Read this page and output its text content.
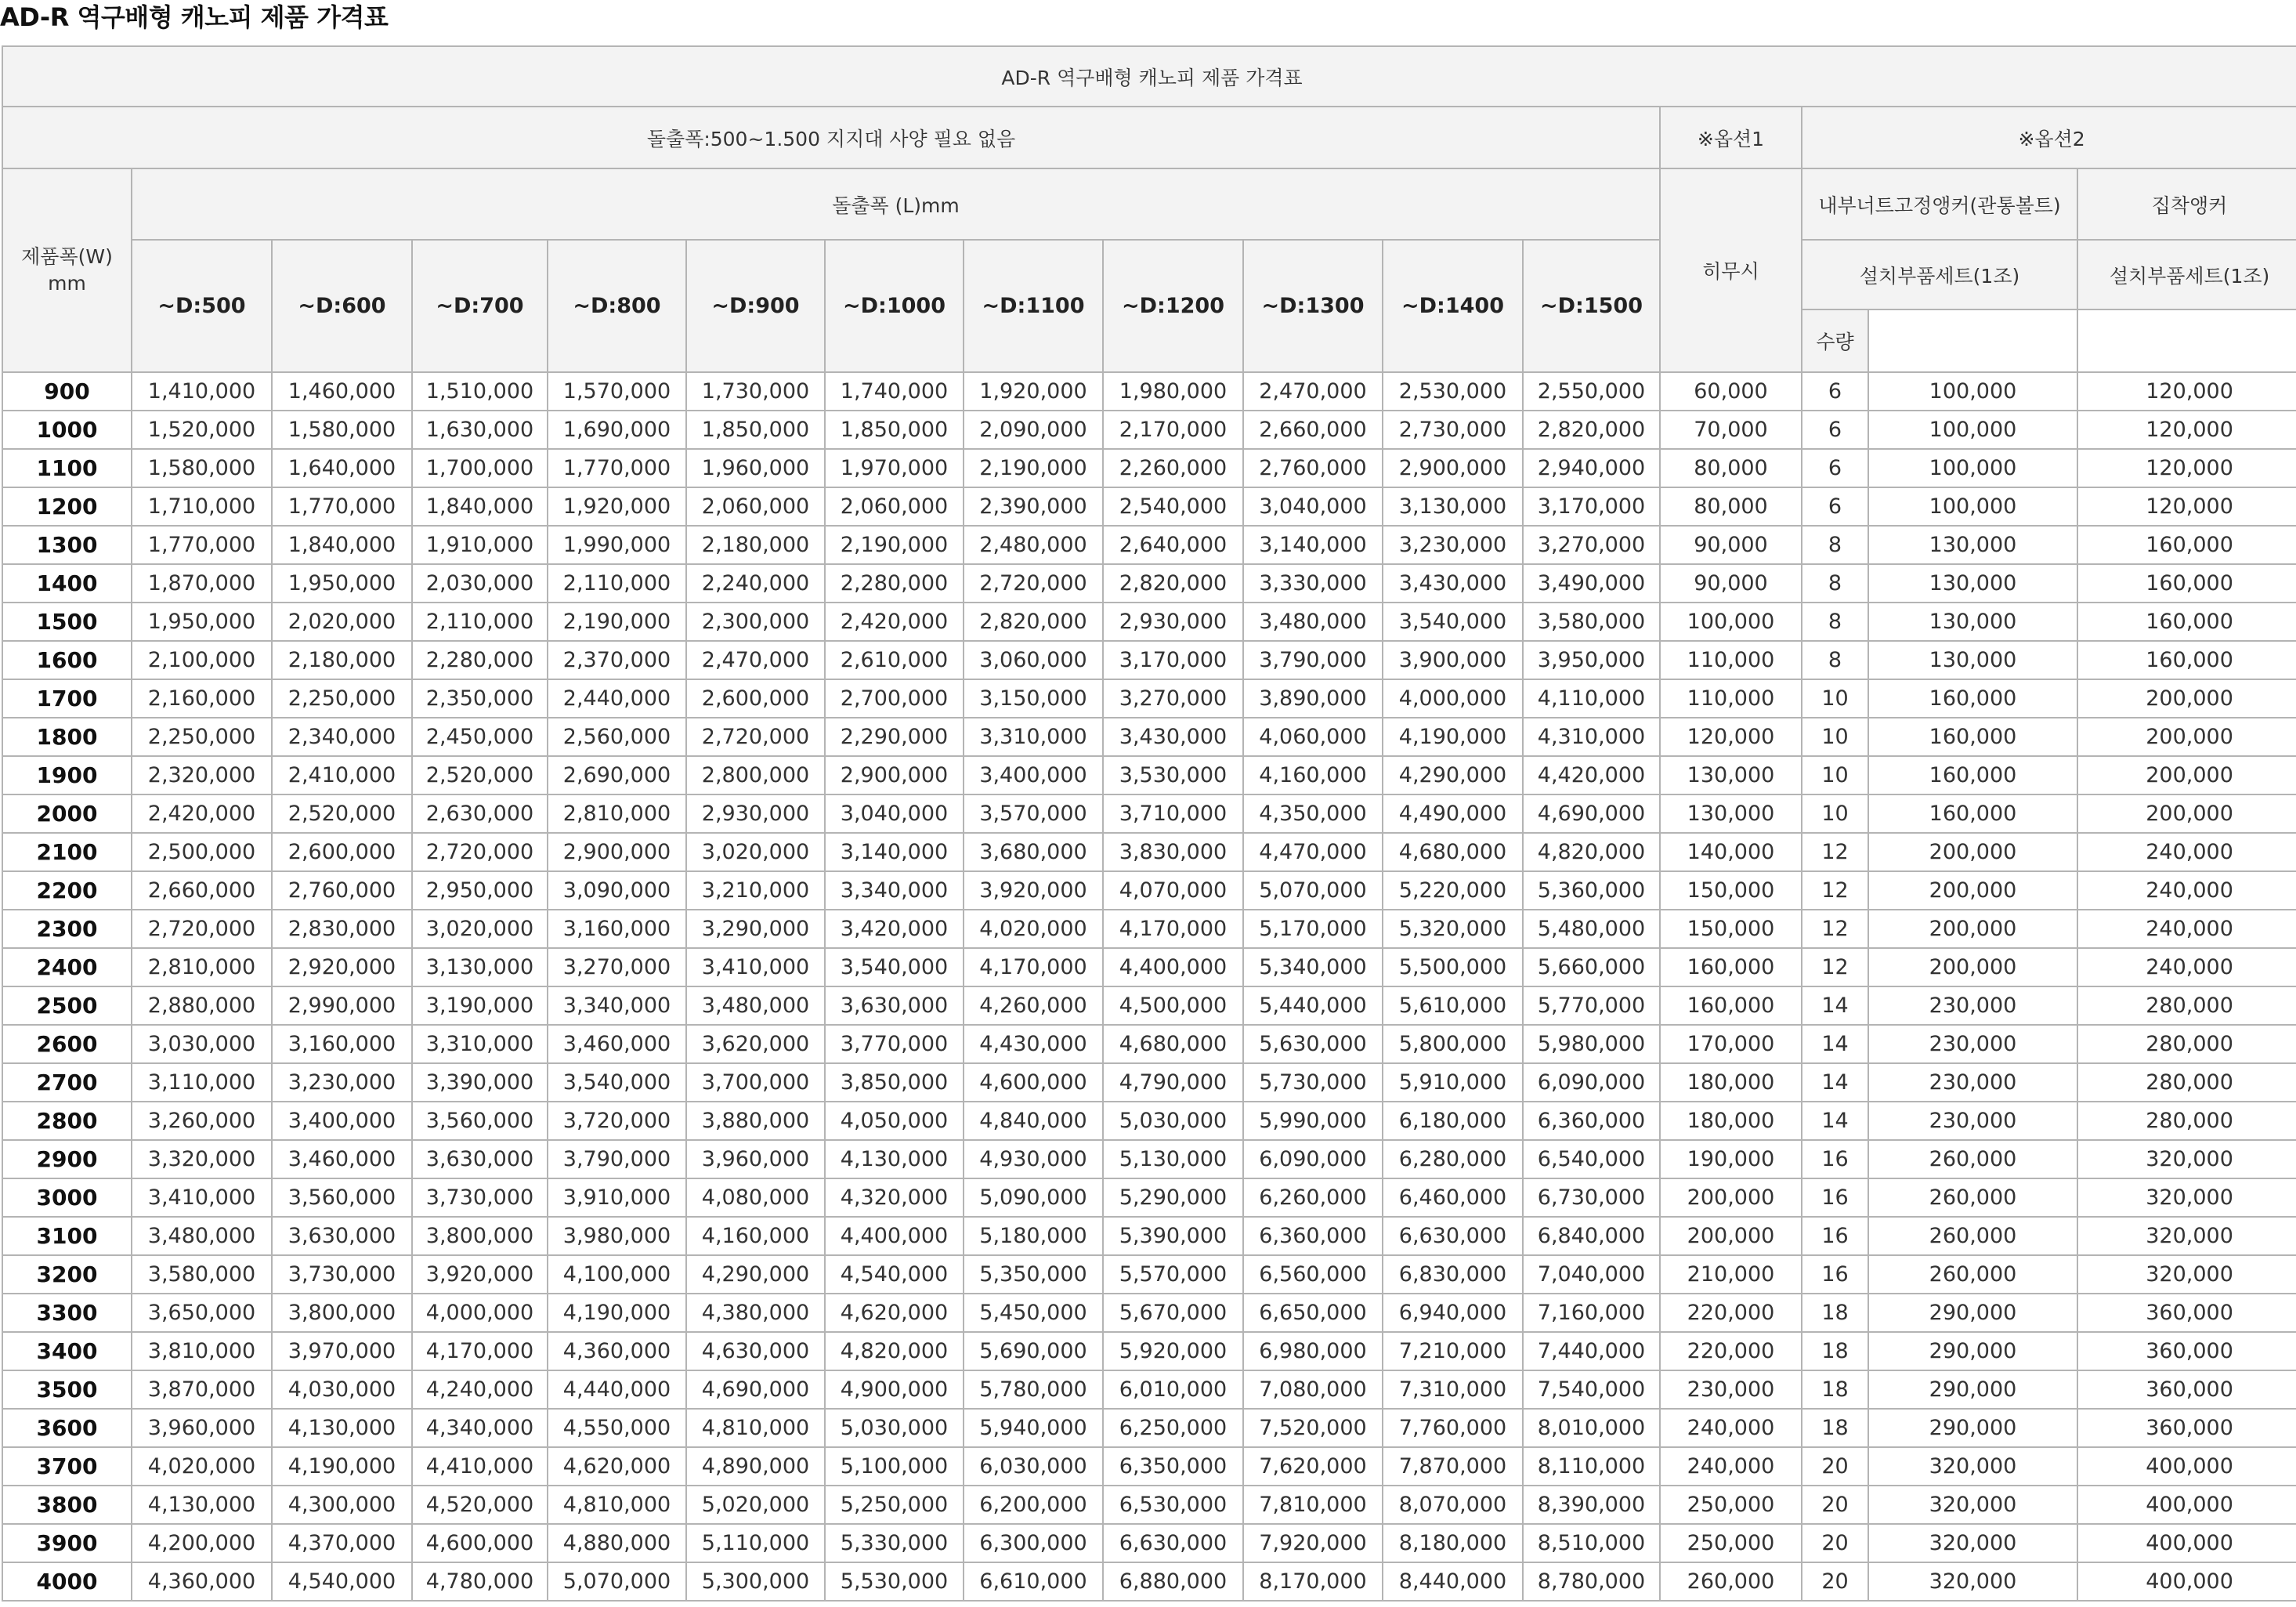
AD-R 역구배형 캐노피 제품 가격표
AD-R 역구배형 캐노피 제품 가격표															
돌출폭:500~1.500 지지대 사양 필요 없음												※옵션1	※옵션2		
제품폭(W)
mm	돌출폭 (L)mm											히무시	내부너트고정앵커(관통볼트)		집착앵커
	~D:500	~D:600	~D:700	~D:800	~D:900	~D:1000	~D:1100	~D:1200	~D:1300	~D:1400	~D:1500		설치부품세트(1조)		설치부품세트(1조)
													수량		
900	1,410,000	1,460,000	1,510,000	1,570,000	1,730,000	1,740,000	1,920,000	1,980,000	2,470,000	2,530,000	2,550,000	60,000	6	100,000	120,000
1000	1,520,000	1,580,000	1,630,000	1,690,000	1,850,000	1,850,000	2,090,000	2,170,000	2,660,000	2,730,000	2,820,000	70,000	6	100,000	120,000
1100	1,580,000	1,640,000	1,700,000	1,770,000	1,960,000	1,970,000	2,190,000	2,260,000	2,760,000	2,900,000	2,940,000	80,000	6	100,000	120,000
1200	1,710,000	1,770,000	1,840,000	1,920,000	2,060,000	2,060,000	2,390,000	2,540,000	3,040,000	3,130,000	3,170,000	80,000	6	100,000	120,000
1300	1,770,000	1,840,000	1,910,000	1,990,000	2,180,000	2,190,000	2,480,000	2,640,000	3,140,000	3,230,000	3,270,000	90,000	8	130,000	160,000
1400	1,870,000	1,950,000	2,030,000	2,110,000	2,240,000	2,280,000	2,720,000	2,820,000	3,330,000	3,430,000	3,490,000	90,000	8	130,000	160,000
1500	1,950,000	2,020,000	2,110,000	2,190,000	2,300,000	2,420,000	2,820,000	2,930,000	3,480,000	3,540,000	3,580,000	100,000	8	130,000	160,000
1600	2,100,000	2,180,000	2,280,000	2,370,000	2,470,000	2,610,000	3,060,000	3,170,000	3,790,000	3,900,000	3,950,000	110,000	8	130,000	160,000
1700	2,160,000	2,250,000	2,350,000	2,440,000	2,600,000	2,700,000	3,150,000	3,270,000	3,890,000	4,000,000	4,110,000	110,000	10	160,000	200,000
1800	2,250,000	2,340,000	2,450,000	2,560,000	2,720,000	2,290,000	3,310,000	3,430,000	4,060,000	4,190,000	4,310,000	120,000	10	160,000	200,000
1900	2,320,000	2,410,000	2,520,000	2,690,000	2,800,000	2,900,000	3,400,000	3,530,000	4,160,000	4,290,000	4,420,000	130,000	10	160,000	200,000
2000	2,420,000	2,520,000	2,630,000	2,810,000	2,930,000	3,040,000	3,570,000	3,710,000	4,350,000	4,490,000	4,690,000	130,000	10	160,000	200,000
2100	2,500,000	2,600,000	2,720,000	2,900,000	3,020,000	3,140,000	3,680,000	3,830,000	4,470,000	4,680,000	4,820,000	140,000	12	200,000	240,000
2200	2,660,000	2,760,000	2,950,000	3,090,000	3,210,000	3,340,000	3,920,000	4,070,000	5,070,000	5,220,000	5,360,000	150,000	12	200,000	240,000
2300	2,720,000	2,830,000	3,020,000	3,160,000	3,290,000	3,420,000	4,020,000	4,170,000	5,170,000	5,320,000	5,480,000	150,000	12	200,000	240,000
2400	2,810,000	2,920,000	3,130,000	3,270,000	3,410,000	3,540,000	4,170,000	4,400,000	5,340,000	5,500,000	5,660,000	160,000	12	200,000	240,000
2500	2,880,000	2,990,000	3,190,000	3,340,000	3,480,000	3,630,000	4,260,000	4,500,000	5,440,000	5,610,000	5,770,000	160,000	14	230,000	280,000
2600	3,030,000	3,160,000	3,310,000	3,460,000	3,620,000	3,770,000	4,430,000	4,680,000	5,630,000	5,800,000	5,980,000	170,000	14	230,000	280,000
2700	3,110,000	3,230,000	3,390,000	3,540,000	3,700,000	3,850,000	4,600,000	4,790,000	5,730,000	5,910,000	6,090,000	180,000	14	230,000	280,000
2800	3,260,000	3,400,000	3,560,000	3,720,000	3,880,000	4,050,000	4,840,000	5,030,000	5,990,000	6,180,000	6,360,000	180,000	14	230,000	280,000
2900	3,320,000	3,460,000	3,630,000	3,790,000	3,960,000	4,130,000	4,930,000	5,130,000	6,090,000	6,280,000	6,540,000	190,000	16	260,000	320,000
3000	3,410,000	3,560,000	3,730,000	3,910,000	4,080,000	4,320,000	5,090,000	5,290,000	6,260,000	6,460,000	6,730,000	200,000	16	260,000	320,000
3100	3,480,000	3,630,000	3,800,000	3,980,000	4,160,000	4,400,000	5,180,000	5,390,000	6,360,000	6,630,000	6,840,000	200,000	16	260,000	320,000
3200	3,580,000	3,730,000	3,920,000	4,100,000	4,290,000	4,540,000	5,350,000	5,570,000	6,560,000	6,830,000	7,040,000	210,000	16	260,000	320,000
3300	3,650,000	3,800,000	4,000,000	4,190,000	4,380,000	4,620,000	5,450,000	5,670,000	6,650,000	6,940,000	7,160,000	220,000	18	290,000	360,000
3400	3,810,000	3,970,000	4,170,000	4,360,000	4,630,000	4,820,000	5,690,000	5,920,000	6,980,000	7,210,000	7,440,000	220,000	18	290,000	360,000
3500	3,870,000	4,030,000	4,240,000	4,440,000	4,690,000	4,900,000	5,780,000	6,010,000	7,080,000	7,310,000	7,540,000	230,000	18	290,000	360,000
3600	3,960,000	4,130,000	4,340,000	4,550,000	4,810,000	5,030,000	5,940,000	6,250,000	7,520,000	7,760,000	8,010,000	240,000	18	290,000	360,000
3700	4,020,000	4,190,000	4,410,000	4,620,000	4,890,000	5,100,000	6,030,000	6,350,000	7,620,000	7,870,000	8,110,000	240,000	20	320,000	400,000
3800	4,130,000	4,300,000	4,520,000	4,810,000	5,020,000	5,250,000	6,200,000	6,530,000	7,810,000	8,070,000	8,390,000	250,000	20	320,000	400,000
3900	4,200,000	4,370,000	4,600,000	4,880,000	5,110,000	5,330,000	6,300,000	6,630,000	7,920,000	8,180,000	8,510,000	250,000	20	320,000	400,000
4000	4,360,000	4,540,000	4,780,000	5,070,000	5,300,000	5,530,000	6,610,000	6,880,000	8,170,000	8,440,000	8,780,000	260,000	20	320,000	400,000
